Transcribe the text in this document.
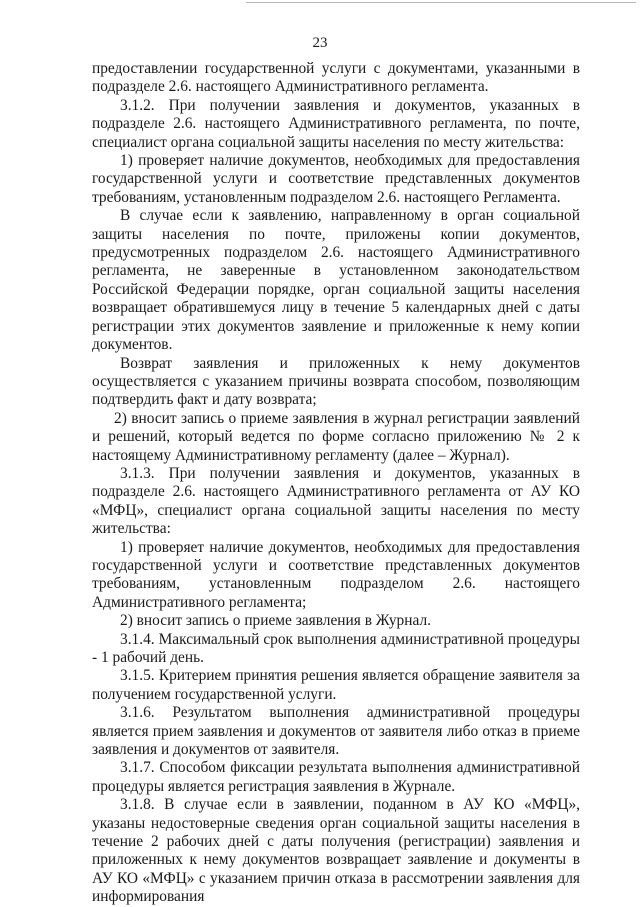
23

предоставлении государственной услуги с документами, указанными в подразделе 2.6. настоящего Административного регламента.

3.1.2. При получении заявления и документов, указанных в подразделе 2.6. настоящего Административного регламента, по почте, специалист органа социальной защиты населения по месту жительства:

1) проверяет наличие документов, необходимых для предоставления государственной услуги и соответствие представленных документов требованиям, установленным подразделом 2.6. настоящего Регламента.

В случае если к заявлению, направленному в орган социальной защиты населения по почте, приложены копии документов, предусмотренных подразделом 2.6. настоящего Административного регламента, не заверенные в установленном законодательством Российской Федерации порядке, орган социальной защиты населения возвращает обратившемуся лицу в течение 5 календарных дней с даты регистрации этих документов заявление и приложенные к нему копии документов.

Возврат заявления и приложенных к нему документов осуществляется с указанием причины возврата способом, позволяющим подтвердить факт и дату возврата;

2) вносит запись о приеме заявления в журнал регистрации заявлений и решений, который ведется по форме согласно приложению № 2 к настоящему Административному регламенту (далее – Журнал).

3.1.3. При получении заявления и документов, указанных в подразделе 2.6. настоящего Административного регламента от АУ КО «МФЦ», специалист органа социальной защиты населения по месту жительства:

1) проверяет наличие документов, необходимых для предоставления государственной услуги и соответствие представленных документов требованиям, установленным подразделом 2.6. настоящего Административного регламента;

2) вносит запись о приеме заявления в Журнал.

3.1.4. Максимальный срок выполнения административной процедуры - 1 рабочий день.

3.1.5. Критерием принятия решения является обращение заявителя за получением государственной услуги.

3.1.6. Результатом выполнения административной процедуры является прием заявления и документов от заявителя либо отказ в приеме заявления и документов от заявителя.

3.1.7. Способом фиксации результата выполнения административной процедуры является регистрация заявления в Журнале.

3.1.8. В случае если в заявлении, поданном в АУ КО «МФЦ», указаны недостоверные сведения орган социальной защиты населения в течение 2 рабочих дней с даты получения (регистрации) заявления и приложенных к нему документов возвращает заявление и документы в АУ КО «МФЦ» с указанием причин отказа в рассмотрении заявления для информирования
